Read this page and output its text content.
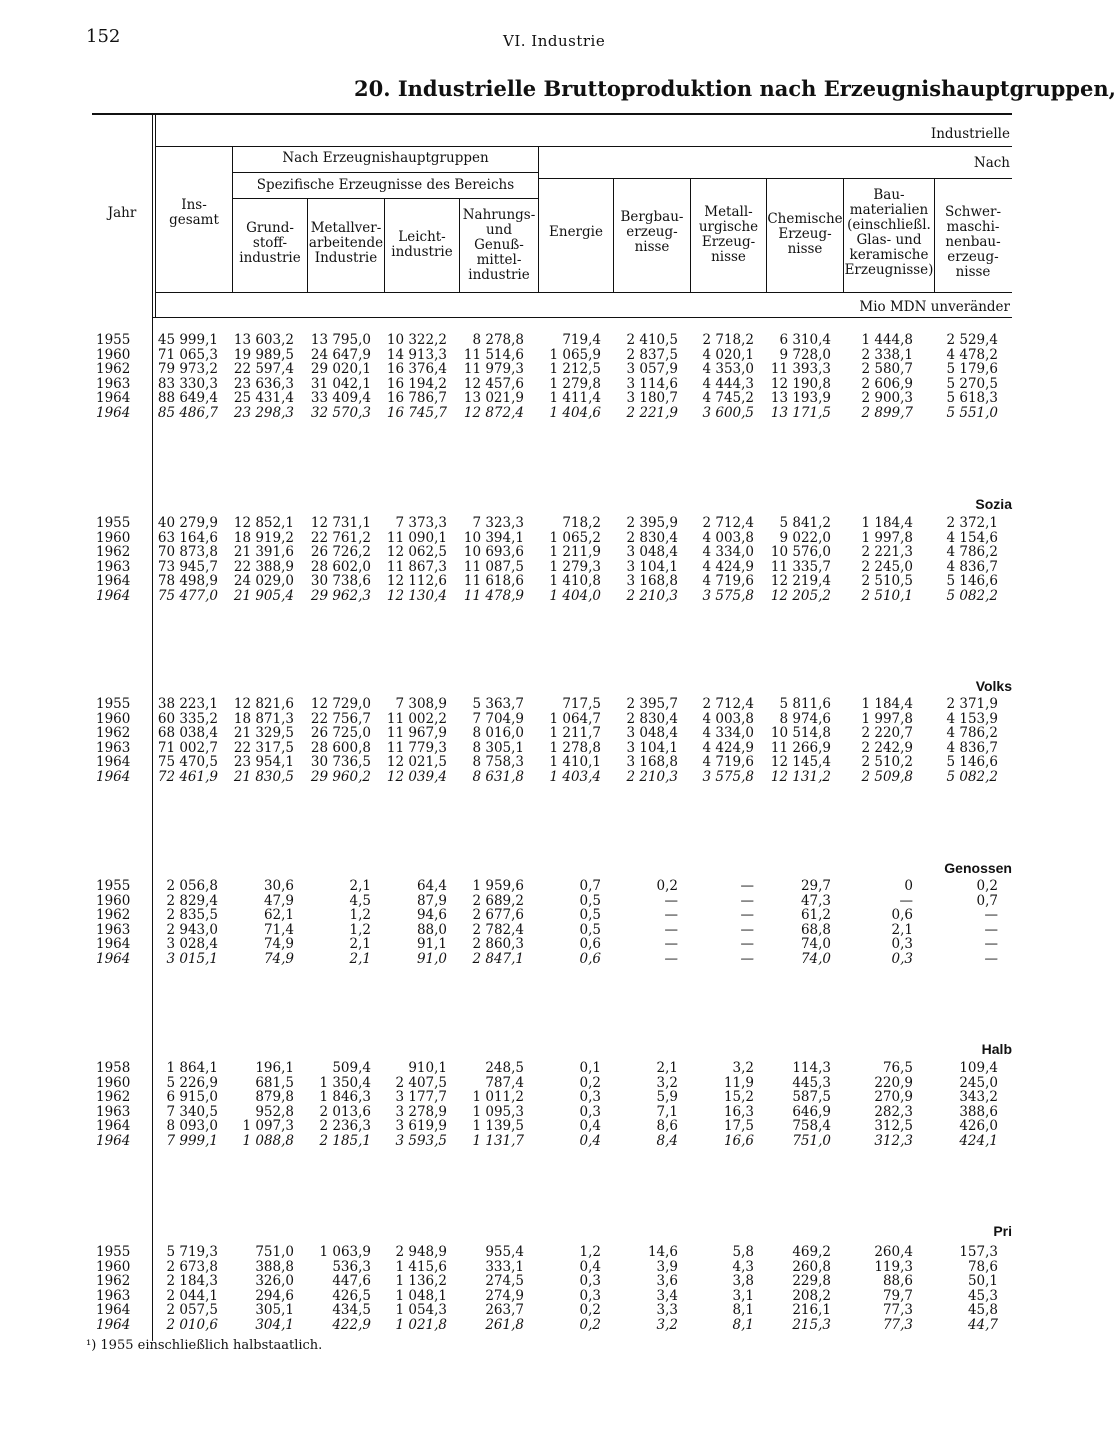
152	VI. Industrie
20. Industrielle Bruttoproduktion nach Erzeugnishauptgruppen,
Jahr	Ins-
gesamt
Industrielle
Nach
Nach Erzeugnishauptgruppen
Spezifische Erzeugnisse des Bereichs
Mio MDN unveränder
Grund-
stoff-
industrie
Metallver-
arbeitende
Industrie
Leicht-
industrie
Nahrungs-
und
Genuß-
mittel-
industrie
Energie
Bergbau-
erzeug-
nisse
Metall-
urgische
Erzeug-
nisse
Chemische
Erzeug-
nisse
Bau-
materialien
(einschließl.
Glas- und
keramische
Erzeugnisse)
Schwer-
maschi-
nenbau-
erzeug-
nisse
1955
1960
1962
1963
1964
1964
45 999,1
71 065,3
79 973,2
83 330,3
88 649,4
85 486,7
13 603,2
19 989,5
22 597,4
23 636,3
25 431,4
23 298,3
13 795,0
24 647,9
29 020,1
31 042,1
33 409,4
32 570,3
10 322,2
14 913,3
16 376,4
16 194,2
16 786,7
16 745,7
8 278,8
11 514,6
11 979,3
12 457,6
13 021,9
12 872,4
719,4
1 065,9
1 212,5
1 279,8
1 411,4
1 404,6
2 410,5
2 837,5
3 057,9
3 114,6
3 180,7
2 221,9
2 718,2
4 020,1
4 353,0
4 444,3
4 745,2
3 600,5
6 310,4
9 728,0
11 393,3
12 190,8
13 193,9
13 171,5
1 444,8
2 338,1
2 580,7
2 606,9
2 900,3
2 899,7
2 529,4
4 478,2
5 179,6
5 270,5
5 618,3
5 551,0
1955
1960
1962
1963
1964
1964
Sozia
40 279,9
63 164,6
70 873,8
73 945,7
78 498,9
75 477,0
12 852,1
18 919,2
21 391,6
22 388,9
24 029,0
21 905,4
12 731,1
22 761,2
26 726,2
28 602,0
30 738,6
29 962,3
7 373,3
11 090,1
12 062,5
11 867,3
12 112,6
12 130,4
7 323,3
10 394,1
10 693,6
11 087,5
11 618,6
11 478,9
718,2
1 065,2
1 211,9
1 279,3
1 410,8
1 404,0
2 395,9
2 830,4
3 048,4
3 104,1
3 168,8
2 210,3
2 712,4
4 003,8
4 334,0
4 424,9
4 719,6
3 575,8
5 841,2
9 022,0
10 576,0
11 335,7
12 219,4
12 205,2
1 184,4
1 997,8
2 221,3
2 245,0
2 510,5
2 510,1
2 372,1
4 154,6
4 786,2
4 836,7
5 146,6
5 082,2
1955
1960
1962
1963
1964
1964
Volks
38 223,1
60 335,2
68 038,4
71 002,7
75 470,5
72 461,9
12 821,6
18 871,3
21 329,5
22 317,5
23 954,1
21 830,5
12 729,0
22 756,7
26 725,0
28 600,8
30 736,5
29 960,2
7 308,9
11 002,2
11 967,9
11 779,3
12 021,5
12 039,4
5 363,7
7 704,9
8 016,0
8 305,1
8 758,3
8 631,8
717,5
1 064,7
1 211,7
1 278,8
1 410,1
1 403,4
2 395,7
2 830,4
3 048,4
3 104,1
3 168,8
2 210,3
2 712,4
4 003,8
4 334,0
4 424,9
4 719,6
3 575,8
5 811,6
8 974,6
10 514,8
11 266,9
12 145,4
12 131,2
1 184,4
1 997,8
2 220,7
2 242,9
2 510,2
2 509,8
2 371,9
4 153,9
4 786,2
4 836,7
5 146,6
5 082,2
1955
1960
1962
1963
1964
1964
Genossen
2 056,8
2 829,4
2 835,5
2 943,0
3 028,4
3 015,1
30,6
47,9
62,1
71,4
74,9
74,9
2,1
4,5
1,2
1,2
2,1
2,1
64,4
87,9
94,6
88,0
91,1
91,0
1 959,6
2 689,2
2 677,6
2 782,4
2 860,3
2 847,1
0,7
0,5
0,5
0,5
0,6
0,6
0,2
—
—
—
—
—
—
—
—
—
—
—
29,7
47,3
61,2
68,8
74,0
74,0
0
—
0,6
2,1
0,3
0,3
0,2
0,7
—
—
—
—
1958
1960
1962
1963
1964
1964
Halb
1 864,1
5 226,9
6 915,0
7 340,5
8 093,0
7 999,1
196,1
681,5
879,8
952,8
1 097,3
1 088,8
509,4
1 350,4
1 846,3
2 013,6
2 236,3
2 185,1
910,1
2 407,5
3 177,7
3 278,9
3 619,9
3 593,5
248,5
787,4
1 011,2
1 095,3
1 139,5
1 131,7
0,1
0,2
0,3
0,3
0,4
0,4
2,1
3,2
5,9
7,1
8,6
8,4
3,2
11,9
15,2
16,3
17,5
16,6
114,3
445,3
587,5
646,9
758,4
751,0
76,5
220,9
270,9
282,3
312,5
312,3
109,4
245,0
343,2
388,6
426,0
424,1
1955
1960
1962
1963
1964
1964
Pri
5 719,3
2 673,8
2 184,3
2 044,1
2 057,5
2 010,6
751,0
388,8
326,0
294,6
305,1
304,1
1 063,9
536,3
447,6
426,5
434,5
422,9
2 948,9
1 415,6
1 136,2
1 048,1
1 054,3
1 021,8
955,4
333,1
274,5
274,9
263,7
261,8
1,2
0,4
0,3
0,3
0,2
0,2
14,6
3,9
3,6
3,4
3,3
3,2
5,8
4,3
3,8
3,1
8,1
8,1
469,2
260,8
229,8
208,2
216,1
215,3
260,4
119,3
88,6
79,7
77,3
77,3
157,3
78,6
50,1
45,3
45,8
44,7
¹) 1955 einschließlich halbstaatlich.
